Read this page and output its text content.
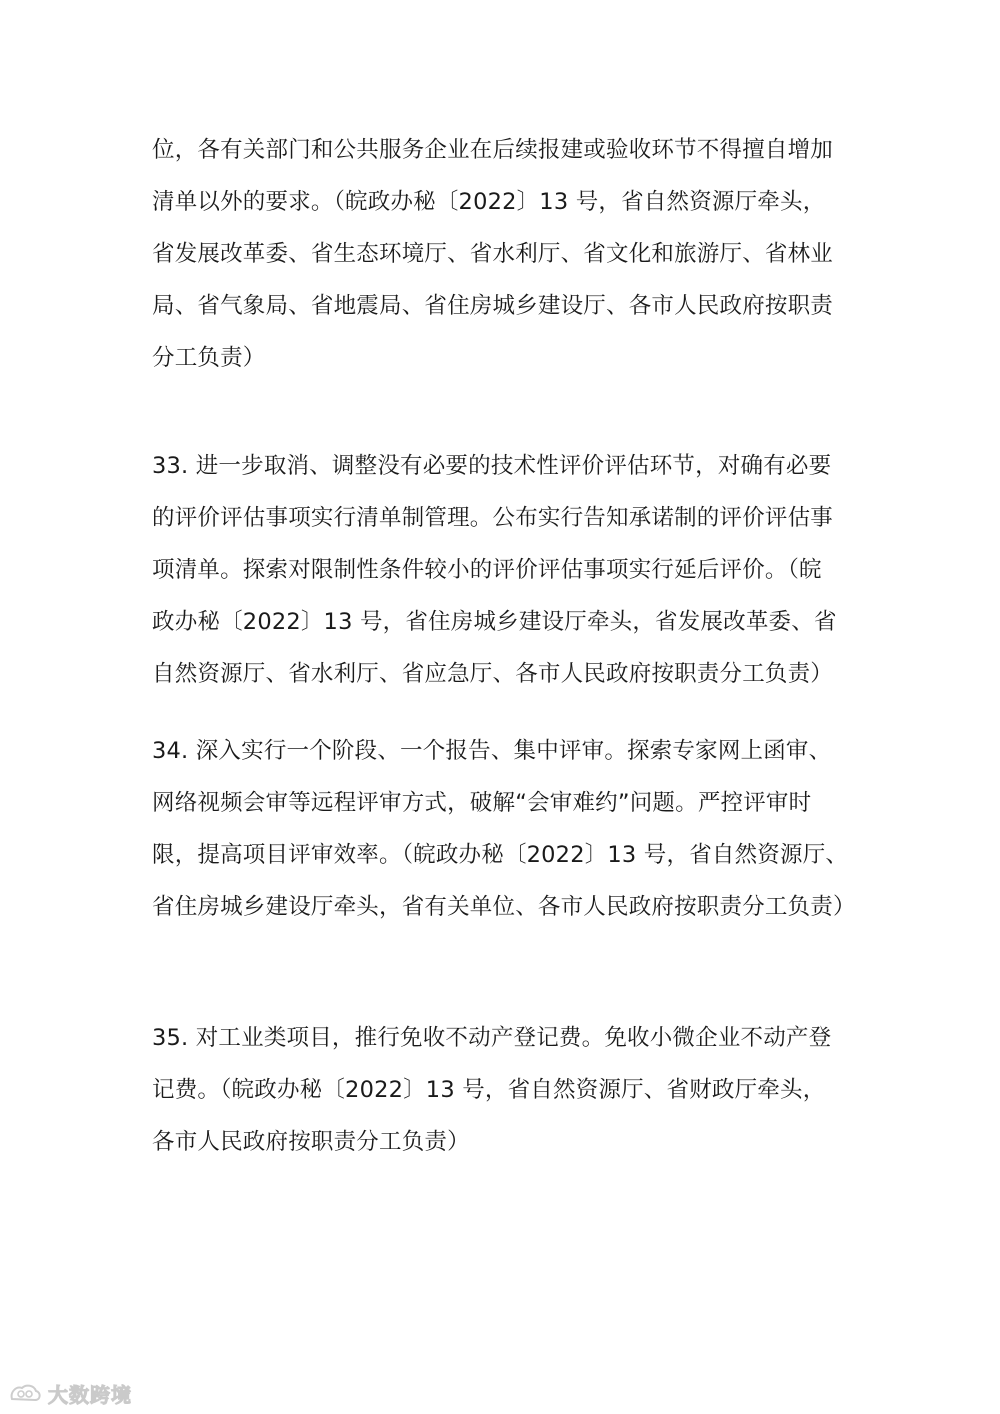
位，各有关部门和公共服务企业在后续报建或验收环节不得擅自增加
清单以外的要求。（皖政办秘〔2022〕13 号，省自然资源厅牵头，
省发展改革委、省生态环境厅、省水利厅、省文化和旅游厅、省林业
局、省气象局、省地震局、省住房城乡建设厅、各市人民政府按职责
分工负责）
33. 进一步取消、调整没有必要的技术性评价评估环节，对确有必要
的评价评估事项实行清单制管理。公布实行告知承诺制的评价评估事
项清单。探索对限制性条件较小的评价评估事项实行延后评价。（皖
政办秘〔2022〕13 号，省住房城乡建设厅牵头，省发展改革委、省
自然资源厅、省水利厅、省应急厅、各市人民政府按职责分工负责）
34. 深入实行一个阶段、一个报告、集中评审。探索专家网上函审、
网络视频会审等远程评审方式，破解“会审难约”问题。严控评审时
限，提高项目评审效率。（皖政办秘〔2022〕13 号，省自然资源厅、
省住房城乡建设厅牵头，省有关单位、各市人民政府按职责分工负责）
35. 对工业类项目，推行免收不动产登记费。免收小微企业不动产登
记费。（皖政办秘〔2022〕13 号，省自然资源厅、省财政厅牵头，
各市人民政府按职责分工负责）
大数跨境
